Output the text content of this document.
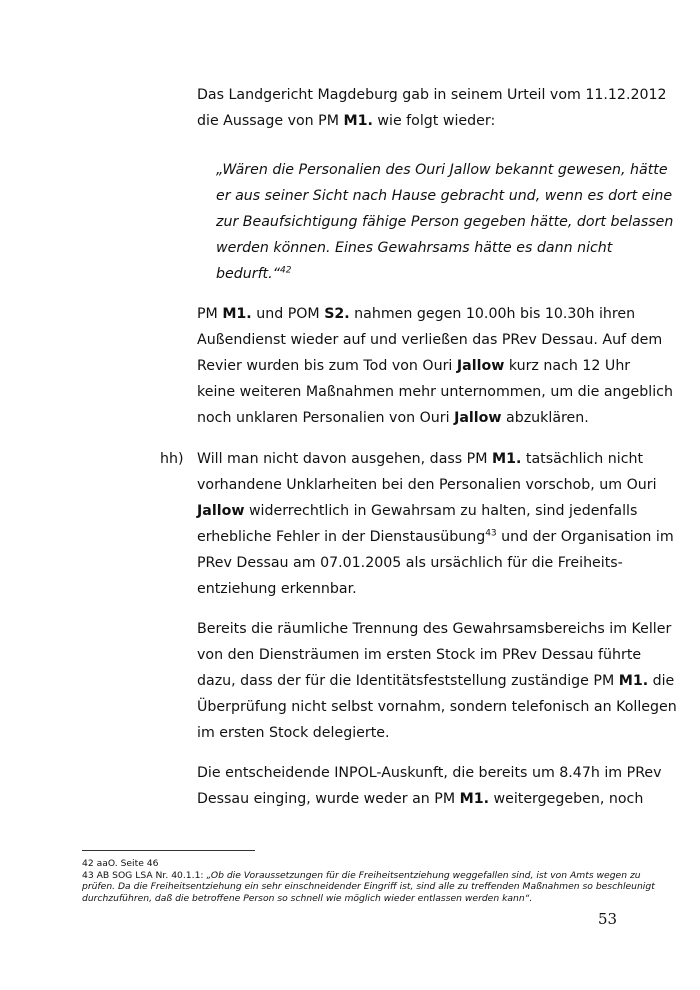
Das Landgericht Magdeburg gab in seinem Urteil vom 11.12.2012
die Aussage von PM M1. wie folgt wieder:
„Wären die Personalien des Ouri Jallow bekannt gewesen, hätte
er aus seiner Sicht nach Hause gebracht und, wenn es dort eine
zur Beaufsichtigung fähige Person gegeben hätte, dort belassen
werden können. Eines Gewahrsams hätte es dann nicht
bedurft.“$^{42}$
PM M1. und POM S2. nahmen gegen 10.00h bis 10.30h ihren
Außendienst wieder auf und verließen das PRev Dessau. Auf dem
Revier wurden bis zum Tod von Ouri Jallow kurz nach 12 Uhr
keine weiteren Maßnahmen mehr unternommen, um die angeblich
noch unklaren Personalien von Ouri Jallow abzuklären.
hh) Will man nicht davon ausgehen, dass PM M1. tatsächlich nicht
vorhandene Unklarheiten bei den Personalien vorschob, um Ouri
Jallow widerrechtlich in Gewahrsam zu halten, sind jedenfalls
erhebliche Fehler in der Dienstausübung$^{43}$ und der Organisation im
PRev Dessau am 07.01.2005 als ursächlich für die Freiheits-
entziehung erkennbar.
Bereits die räumliche Trennung des Gewahrsamsbereichs im Keller
von den Diensträumen im ersten Stock im PRev Dessau führte
dazu, dass der für die Identitätsfeststellung zuständige PM M1. die
Überprüfung nicht selbst vornahm, sondern telefonisch an Kollegen
im ersten Stock delegierte.
Die entscheidende INPOL-Auskunft, die bereits um 8.47h im PRev
Dessau einging, wurde weder an PM M1. weitergegeben, noch
42 aaO. Seite 46
43 AB SOG LSA Nr. 40.1.1: „Ob die Voraussetzungen für die Freiheitsentziehung weggefallen sind, ist von Amts wegen zu
prüfen. Da die Freiheitsentziehung ein sehr einschneidender Eingriff ist, sind alle zu treffenden Maßnahmen so beschleunigt
durchzuführen, daß die betroffene Person so schnell wie möglich wieder entlassen werden kann“.
53
